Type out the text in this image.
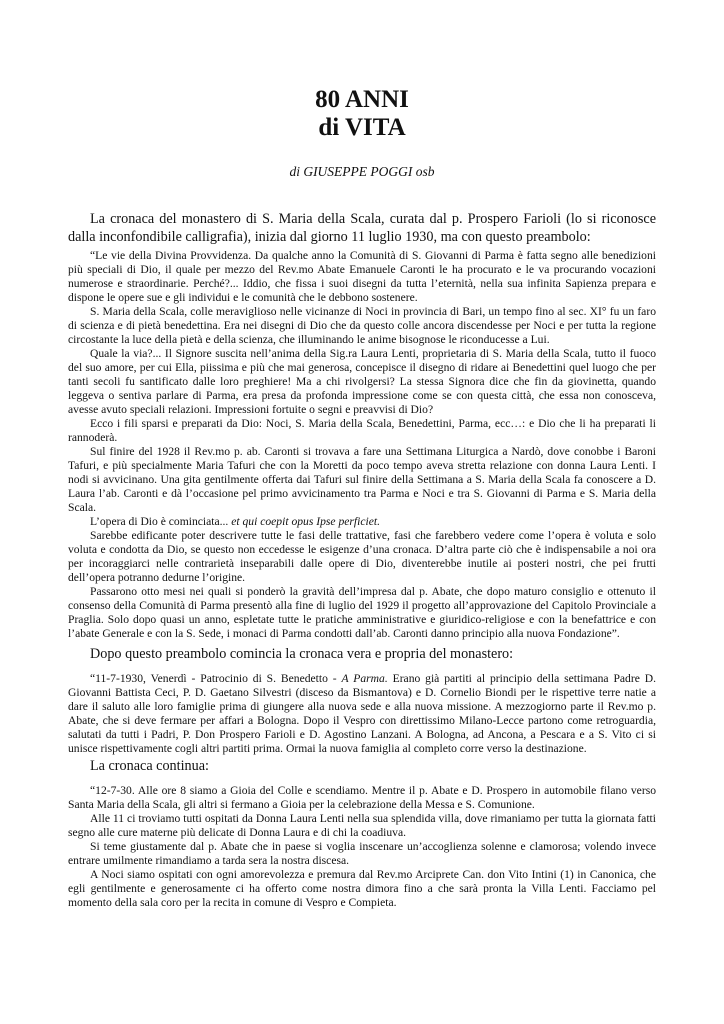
80 ANNI
di VITA

di GIUSEPPE POGGI osb

La cronaca del monastero di S. Maria della Scala, curata dal p. Prospero Farioli (lo si riconosce dalla inconfondibile calligrafia), inizia dal giorno 11 luglio 1930, ma con questo preambolo:

“Le vie della Divina Provvidenza. Da qualche anno la Comunità di S. Giovanni di Parma è fatta segno alle benedizioni più speciali di Dio, il quale per mezzo del Rev.mo Abate Emanuele Caronti le ha procurato e le va procurando vocazioni numerose e straordinarie. Perché?... Iddio, che fissa i suoi disegni da tutta l’eternità, nella sua infinita Sapienza prepara e dispone le opere sue e gli individui e le comunità che le debbono sostenere.

S. Maria della Scala, colle meraviglioso nelle vicinanze di Noci in provincia di Bari, un tempo fino al sec. XI° fu un faro di scienza e di pietà benedettina. Era nei disegni di Dio che da questo colle ancora discendesse per Noci e per tutta la regione circostante la luce della pietà e della scienza, che illuminando le anime bisognose le riconducesse a Lui.

Quale la via?... Il Signore suscita nell’anima della Sig.ra Laura Lenti, proprietaria di S. Maria della Scala, tutto il fuoco del suo amore, per cui Ella, piissima e più che mai generosa, concepisce il disegno di ridare ai Benedettini quel luogo che per tanti secoli fu santificato dalle loro preghiere! Ma a chi rivolgersi? La stessa Signora dice che fin da giovinetta, quando leggeva o sentiva parlare di Parma, era presa da profonda impressione come se con questa città, che essa non conosceva, avesse avuto speciali relazioni. Impressioni fortuite o segni e preavvisi di Dio?

Ecco i fili sparsi e preparati da Dio: Noci, S. Maria della Scala, Benedettini, Parma, ecc…: e Dio che li ha preparati li rannoderà.

Sul finire del 1928 il Rev.mo p. ab. Caronti si trovava a fare una Settimana Liturgica a Nardò, dove conobbe i Baroni Tafuri, e più specialmente Maria Tafuri che con la Moretti da poco tempo aveva stretta relazione con donna Laura Lenti. I nodi si avvicinano. Una gita gentilmente offerta dai Tafuri sul finire della Settimana a S. Maria della Scala fa conoscere a D. Laura l’ab. Caronti e dà l’occasione pel primo avvicinamento tra Parma e Noci e tra S. Giovanni di Parma e S. Maria della Scala.

L’opera di Dio è cominciata... et qui coepit opus Ipse perficiet.

Sarebbe edificante poter descrivere tutte le fasi delle trattative, fasi che farebbero vedere come l’opera è voluta e solo voluta e condotta da Dio, se questo non eccedesse le esigenze d’una cronaca. D’altra parte ciò che è indispensabile a noi ora per incoraggiarci nelle contrarietà inseparabili dalle opere di Dio, diventerebbe inutile ai posteri nostri, che pei frutti dell’opera potranno dedurne l’origine.

Passarono otto mesi nei quali si ponderò la gravità dell’impresa dal p. Abate, che dopo maturo consiglio e ottenuto il consenso della Comunità di Parma presentò alla fine di luglio del 1929 il progetto all’approvazione del Capitolo Provinciale a Praglia. Solo dopo quasi un anno, espletate tutte le pratiche amministrative e giuridico-religiose e con la benefattrice e con l’abate Generale e con la S. Sede, i monaci di Parma condotti dall’ab. Caronti danno principio alla nuova Fondazione”.

Dopo questo preambolo comincia la cronaca vera e propria del monastero:

“11-7-1930, Venerdì - Patrocinio di S. Benedetto - A Parma. Erano già partiti al principio della settimana Padre D. Giovanni Battista Ceci, P. D. Gaetano Silvestri (disceso da Bismantova) e D. Cornelio Biondi per le rispettive terre natie a dare il saluto alle loro famiglie prima di giungere alla nuova sede e alla nuova missione. A mezzogiorno parte il Rev.mo p. Abate, che si deve fermare per affari a Bologna. Dopo il Vespro con direttissimo Milano-Lecce partono come retroguardia, salutati da tutti i Padri, P. Don Prospero Farioli e D. Agostino Lanzani. A Bologna, ad Ancona, a Pescara e a S. Vito ci si unisce rispettivamente cogli altri partiti prima. Ormai la nuova famiglia al completo corre verso la destinazione.

La cronaca continua:

“12-7-30. Alle ore 8 siamo a Gioia del Colle e scendiamo. Mentre il p. Abate e D. Prospero in automobile filano verso Santa Maria della Scala, gli altri si fermano a Gioia per la celebrazione della Messa e S. Comunione.

Alle 11 ci troviamo tutti ospitati da Donna Laura Lenti nella sua splendida villa, dove rimaniamo per tutta la giornata fatti segno alle cure materne più delicate di Donna Laura e di chi la coadiuva.

Si teme giustamente dal p. Abate che in paese si voglia inscenare un’accoglienza solenne e clamorosa; volendo invece entrare umilmente rimandiamo a tarda sera la nostra discesa.

A Noci siamo ospitati con ogni amorevolezza e premura dal Rev.mo Arciprete Can. don Vito Intini (1) in Canonica, che egli gentilmente e generosamente ci ha offerto come nostra dimora fino a che sarà pronta la Villa Lenti. Facciamo pel momento della sala coro per la recita in comune di Vespro e Compieta.
